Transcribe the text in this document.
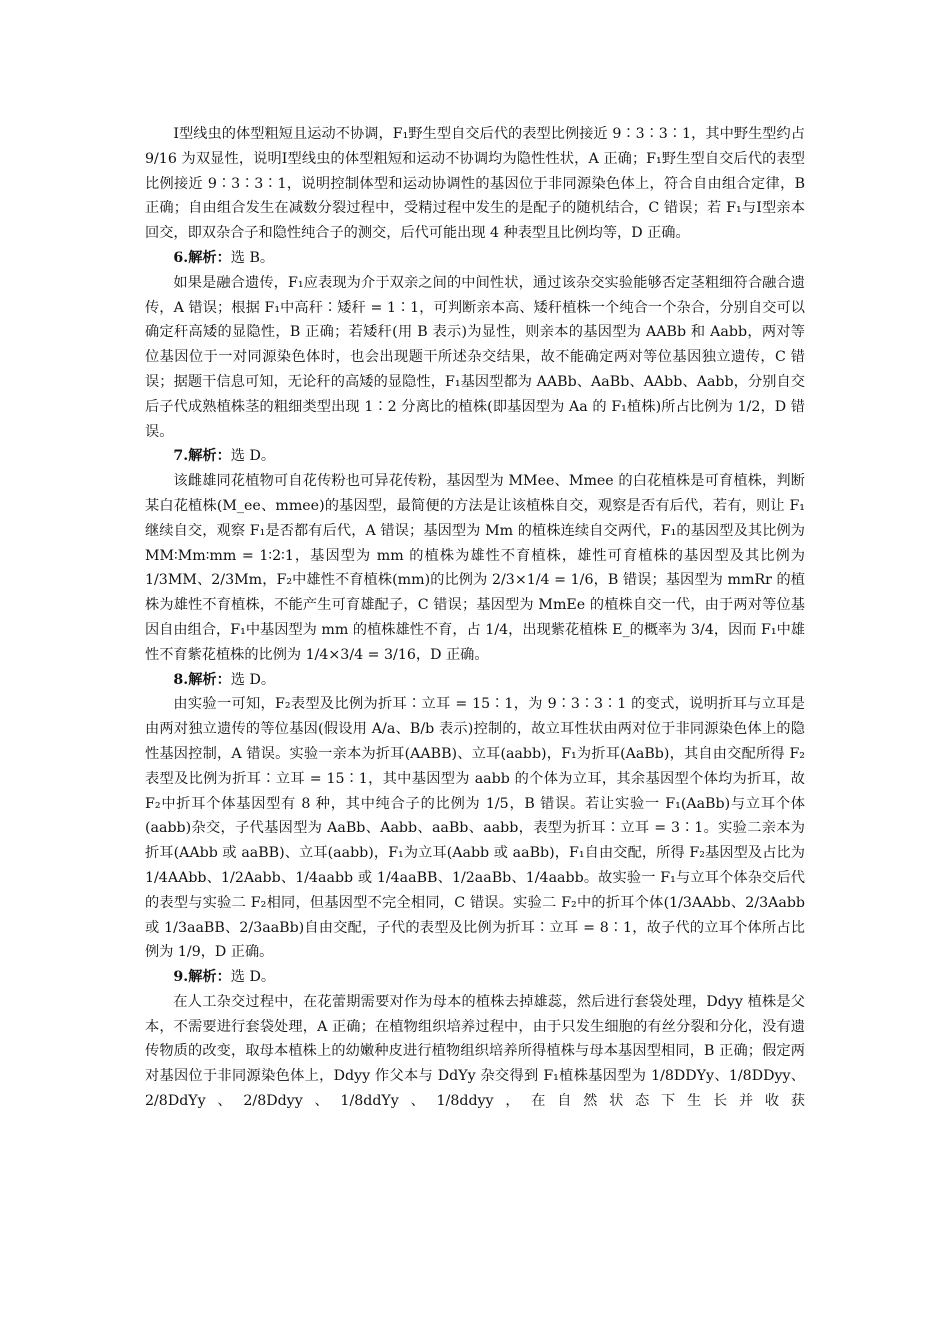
Ⅰ型线虫的体型粗短且运动不协调，F₁野生型自交后代的表型比例接近 9∶3∶3∶1，其中野生型约占 9/16 为双显性，说明Ⅰ型线虫的体型粗短和运动不协调均为隐性性状，A 正确；F₁野生型自交后代的表型比例接近 9∶3∶3∶1，说明控制体型和运动协调性的基因位于非同源染色体上，符合自由组合定律，B 正确；自由组合发生在减数分裂过程中，受精过程中发生的是配子的随机结合，C 错误；若 F₁与Ⅰ型亲本回交，即双杂合子和隐性纯合子的测交，后代可能出现 4 种表型且比例均等，D 正确。

6.解析：选 B。

如果是融合遗传，F₁应表现为介于双亲之间的中间性状，通过该杂交实验能够否定茎粗细符合融合遗传，A 错误；根据 F₁中高秆∶矮秆 = 1∶1，可判断亲本高、矮秆植株一个纯合一个杂合，分别自交可以确定秆高矮的显隐性，B 正确；若矮秆(用 B 表示)为显性，则亲本的基因型为 AABb 和 Aabb，两对等位基因位于一对同源染色体时，也会出现题干所述杂交结果，故不能确定两对等位基因独立遗传，C 错误；据题干信息可知，无论秆的高矮的显隐性，F₁基因型都为 AABb、AaBb、AAbb、Aabb，分别自交后子代成熟植株茎的粗细类型出现 1∶2 分离比的植株(即基因型为 Aa 的 F₁植株)所占比例为 1/2，D 错误。

7.解析：选 D。

该雌雄同花植物可自花传粉也可异花传粉，基因型为 MMee、Mmee 的白花植株是可育植株，判断某白花植株(M_ee、mmee)的基因型，最简便的方法是让该植株自交，观察是否有后代，若有，则让 F₁继续自交，观察 F₁是否都有后代，A 错误；基因型为 Mm 的植株连续自交两代，F₁的基因型及其比例为 MM∶Mm∶mm = 1∶2∶1，基因型为 mm 的植株为雄性不育植株，雄性可育植株的基因型及其比例为 1/3MM、2/3Mm，F₂中雄性不育植株(mm)的比例为 2/3×1/4 = 1/6，B 错误；基因型为 mmRr 的植株为雄性不育植株，不能产生可育雄配子，C 错误；基因型为 MmEe 的植株自交一代，由于两对等位基因自由组合，F₁中基因型为 mm 的植株雄性不育，占 1/4，出现紫花植株 E_的概率为 3/4，因而 F₁中雄性不育紫花植株的比例为 1/4×3/4 = 3/16，D 正确。

8.解析：选 D。

由实验一可知，F₂表型及比例为折耳∶立耳 = 15∶1，为 9∶3∶3∶1 的变式，说明折耳与立耳是由两对独立遗传的等位基因(假设用 A/a、B/b 表示)控制的，故立耳性状由两对位于非同源染色体上的隐性基因控制，A 错误。实验一亲本为折耳(AABB)、立耳(aabb)，F₁为折耳(AaBb)，其自由交配所得 F₂表型及比例为折耳∶立耳 = 15∶1，其中基因型为 aabb 的个体为立耳，其余基因型个体均为折耳，故 F₂中折耳个体基因型有 8 种，其中纯合子的比例为 1/5，B 错误。若让实验一 F₁(AaBb)与立耳个体(aabb)杂交，子代基因型为 AaBb、Aabb、aaBb、aabb，表型为折耳∶立耳 = 3∶1。实验二亲本为折耳(AAbb 或 aaBB)、立耳(aabb)，F₁为立耳(Aabb 或 aaBb)，F₁自由交配，所得 F₂基因型及占比为 1/4AAbb、1/2Aabb、1/4aabb 或 1/4aaBB、1/2aaBb、1/4aabb。故实验一 F₁与立耳个体杂交后代的表型与实验二 F₂相同，但基因型不完全相同，C 错误。实验二 F₂中的折耳个体(1/3AAbb、2/3Aabb 或 1/3aaBB、2/3aaBb)自由交配，子代的表型及比例为折耳∶立耳 = 8∶1，故子代的立耳个体所占比例为 1/9，D 正确。

9.解析：选 D。

在人工杂交过程中，在花蕾期需要对作为母本的植株去掉雄蕊，然后进行套袋处理，Ddyy 植株是父本，不需要进行套袋处理，A 正确；在植物组织培养过程中，由于只发生细胞的有丝分裂和分化，没有遗传物质的改变，取母本植株上的幼嫩种皮进行植物组织培养所得植株与母本基因型相同，B 正确；假定两对基因位于非同源染色体上，Ddyy 作父本与 DdYy 杂交得到 F₁植株基因型为 1/8DDYy、1/8DDyy、2/8DdYy、2/8Ddyy、1/8ddYy、1/8ddyy，在自然状态下生长并收获
